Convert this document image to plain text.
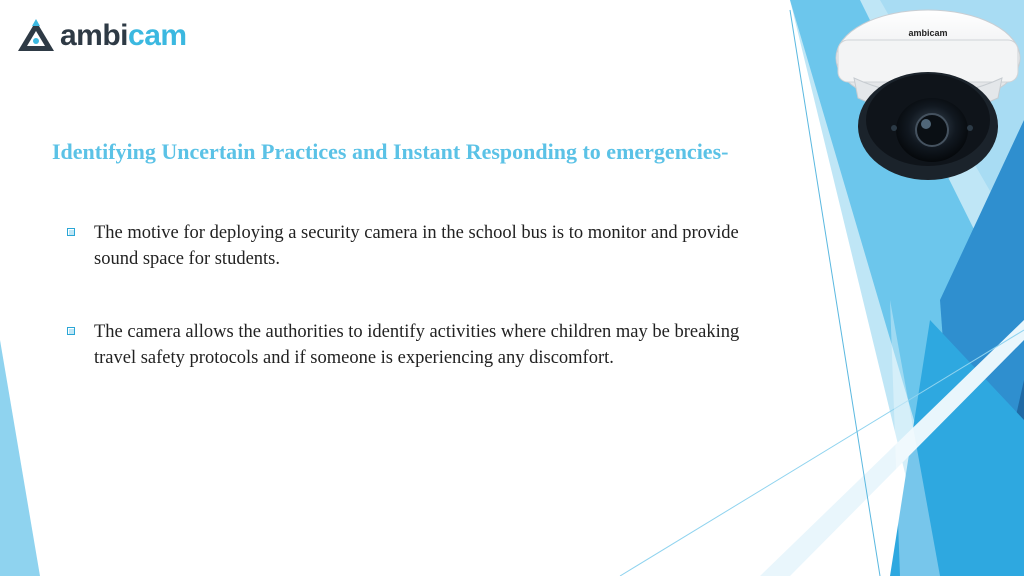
ambicam
ambicam
Identifying Uncertain Practices and Instant Responding to emergencies-
The motive for deploying a security camera in the school bus is to monitor and provide sound space for students.
The camera allows the authorities to identify activities where children may be breaking travel safety protocols and if someone is experiencing any discomfort.
